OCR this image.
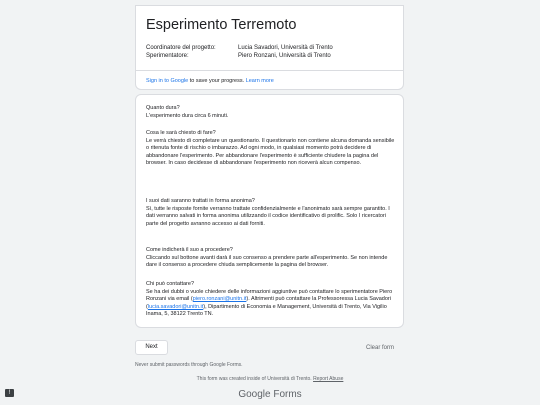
Esperimento Terremoto
Coordinatore del progetto:	Lucia Savadori, Università di Trento
Sperimentatore:	Piero Ronzani, Università di Trento
Sign in to Google to save your progress. Learn more

Quanto dura?

L'esperimento dura circa 6 minuti.

Cosa le sarà chiesto di fare?

Le verrà chiesto di completare un questionario. Il questionario non contiene alcuna domanda sensibile o ritenuta fonte di rischio o imbarazzo. Ad ogni modo, in qualsiasi momento potrà decidere di abbandonare l'esperimento. Per abbandonare l'esperimento è sufficiente chiudere la pagina del browser. In caso decidesse di abbandonare l'esperimento non riceverà alcun compenso.

I suoi dati saranno trattati in forma anonima?

Sì, tutte le risposte fornite verranno trattate confidenzialmente e l'anonimato sarà sempre garantito. I dati verranno salvati in forma anonima utilizzando il codice identificativo di prolific. Solo I ricercatori parte del progetto avranno accesso ai dati forniti.

Come indicherà il suo a procedere?

Cliccando sul bottone avanti darà il suo consenso a prendere parte all'esperimento. Se non intende dare il consenso a procedere chiuda semplicemente la pagina del browser.

Chi può contattare?

Se ha dei dubbi o vuole chiedere delle informazioni aggiuntive può contattare lo sperimentatore Piero Ronzani via email (piero.ronzani@unitn.it). Altrimenti può contattare la Professoressa Lucia Savadori (lucia.savadori@unitn.it), Dipartimento di Economia e Management, Università di Trento, Via Vigilio Inama, 5, 38122 Trento TN.

Next	Clear form
Never submit passwords through Google Forms.
This form was created inside of Università di Trento. Report Abuse
Google Forms
!
